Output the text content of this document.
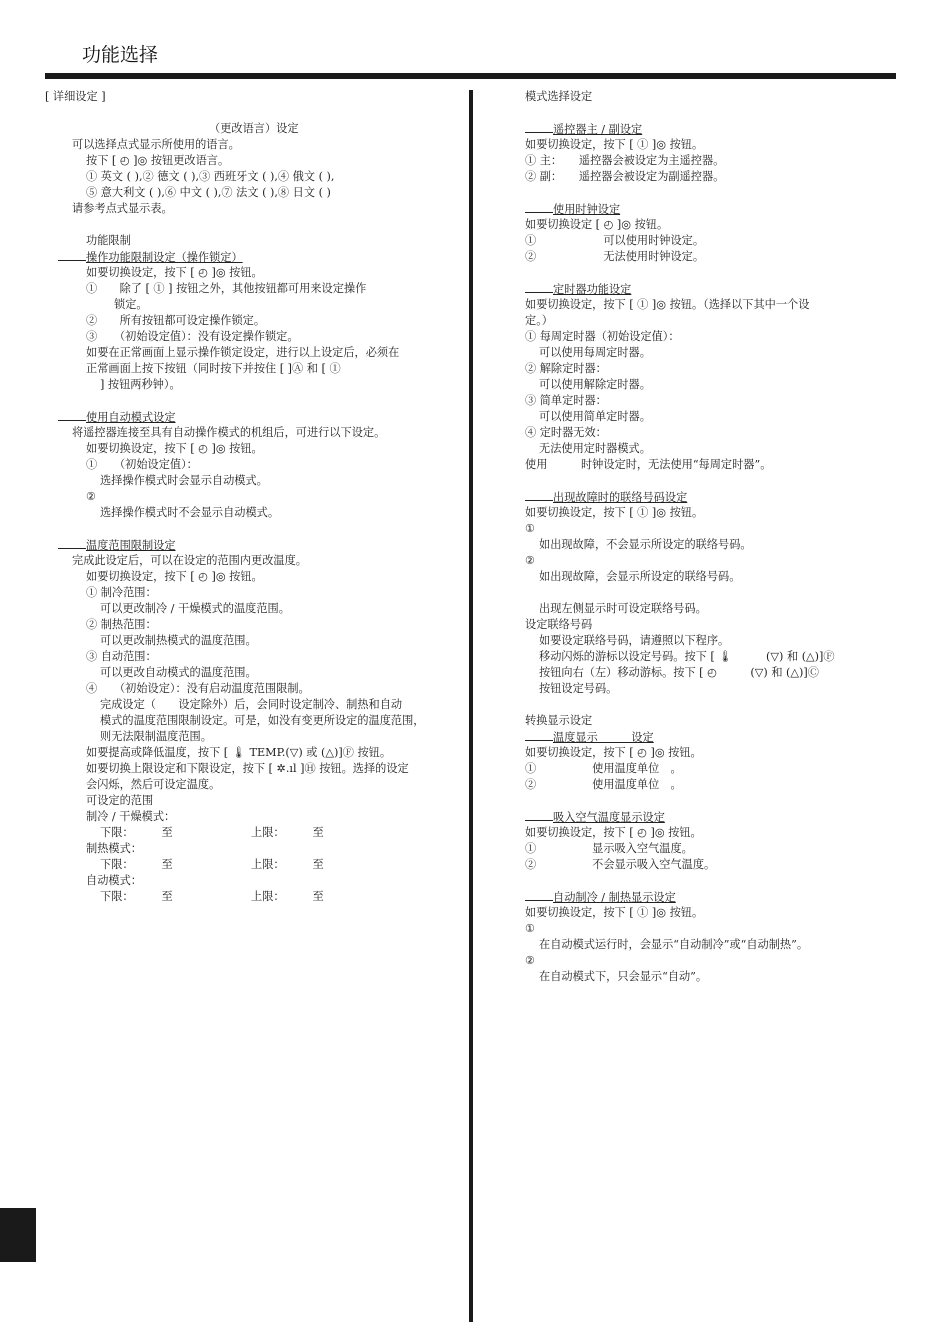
功能选择
[ 详细设定 ]
（更改语言）设定
可以选择点式显示所使用的语言。
按下 [ ◴ ]◎ 按钮更改语言。
① 英文 ( ),② 德文 ( ),③ 西班牙文 ( ),④ 俄文 ( ),
⑤ 意大利文 ( ),⑥ 中文 ( ),⑦ 法文 ( ),⑧ 日文 ( )
请参考点式显示表。
功能限制
操作功能限制设定（操作锁定）
如要切换设定，按下 [ ◴ ]◎ 按钮。
①　　除了 [ ① ] 按钮之外，其他按钮都可用来设定操作
锁定。
②　　所有按钮都可设定操作锁定。
③　　（初始设定值）：没有设定操作锁定。
如要在正常画面上显示操作锁定设定，进行以上设定后，必须在
正常画面上按下按钮（同时按下并按住 [ ]Ⓐ 和 [ ①
] 按钮两秒钟）。
使用自动模式设定
将遥控器连接至具有自动操作模式的机组后，可进行以下设定。
如要切换设定，按下 [ ◴ ]◎ 按钮。
①　　（初始设定值）：
选择操作模式时会显示自动模式。
②
选择操作模式时不会显示自动模式。
温度范围限制设定
完成此设定后，可以在设定的范围内更改温度。
如要切换设定，按下 [ ◴ ]◎ 按钮。
① 制冷范围：
可以更改制冷 / 干燥模式的温度范围。
② 制热范围：
可以更改制热模式的温度范围。
③ 自动范围：
可以更改自动模式的温度范围。
④　　（初始设定）：没有启动温度范围限制。
完成设定（　　设定除外）后，会同时设定制冷、制热和自动
模式的温度范围限制设定。可是，如没有变更所设定的温度范围，
则无法限制温度范围。
如要提高或降低温度，按下 [ 🌡 TEMP.(▽) 或 (△)]Ⓕ 按钮。
如要切换上限设定和下限设定，按下 [ ✲.ıl ]Ⓗ 按钮。选择的设定
会闪烁，然后可设定温度。
可设定的范围
制冷 / 干燥模式：
下限：　　　至　　　　　　　上限：　　　至
制热模式：
下限：　　　至　　　　　　　上限：　　　至
自动模式：
下限：　　　至　　　　　　　上限：　　　至
模式选择设定
遥控器主 / 副设定
如要切换设定，按下 [ ① ]◎ 按钮。
① 主：　　遥控器会被设定为主遥控器。
② 副：　　遥控器会被设定为副遥控器。
使用时钟设定
如要切换设定 [ ◴ ]◎ 按钮。
①　　　　　　可以使用时钟设定。
②　　　　　　无法使用时钟设定。
定时器功能设定
如要切换设定，按下 [ ① ]◎ 按钮。（选择以下其中一个设
定。）
① 每周定时器（初始设定值）：
可以使用每周定时器。
② 解除定时器：
可以使用解除定时器。
③ 简单定时器：
可以使用简单定时器。
④ 定时器无效：
无法使用定时器模式。
使用　　　时钟设定时，无法使用“每周定时器”。
出现故障时的联络号码设定
如要切换设定，按下 [ ① ]◎ 按钮。
①
如出现故障，不会显示所设定的联络号码。
②
如出现故障，会显示所设定的联络号码。
出现左侧显示时可设定联络号码。
设定联络号码
如要设定联络号码，请遵照以下程序。
移动闪烁的游标以设定号码。按下 [ 🌡　　　(▽) 和 (△)]Ⓕ
按钮向右（左）移动游标。按下 [ ◴　　　(▽) 和 (△)]Ⓒ
按钮设定号码。
转换显示设定
温度显示　　　设定
如要切换设定，按下 [ ◴ ]◎ 按钮。
①　　　　　使用温度单位　。
②　　　　　使用温度单位　。
吸入空气温度显示设定
如要切换设定，按下 [ ◴ ]◎ 按钮。
①　　　　　显示吸入空气温度。
②　　　　　不会显示吸入空气温度。
自动制冷 / 制热显示设定
如要切换设定，按下 [ ① ]◎ 按钮。
①
在自动模式运行时，会显示“自动制冷”或“自动制热”。
②
在自动模式下，只会显示“自动”。
